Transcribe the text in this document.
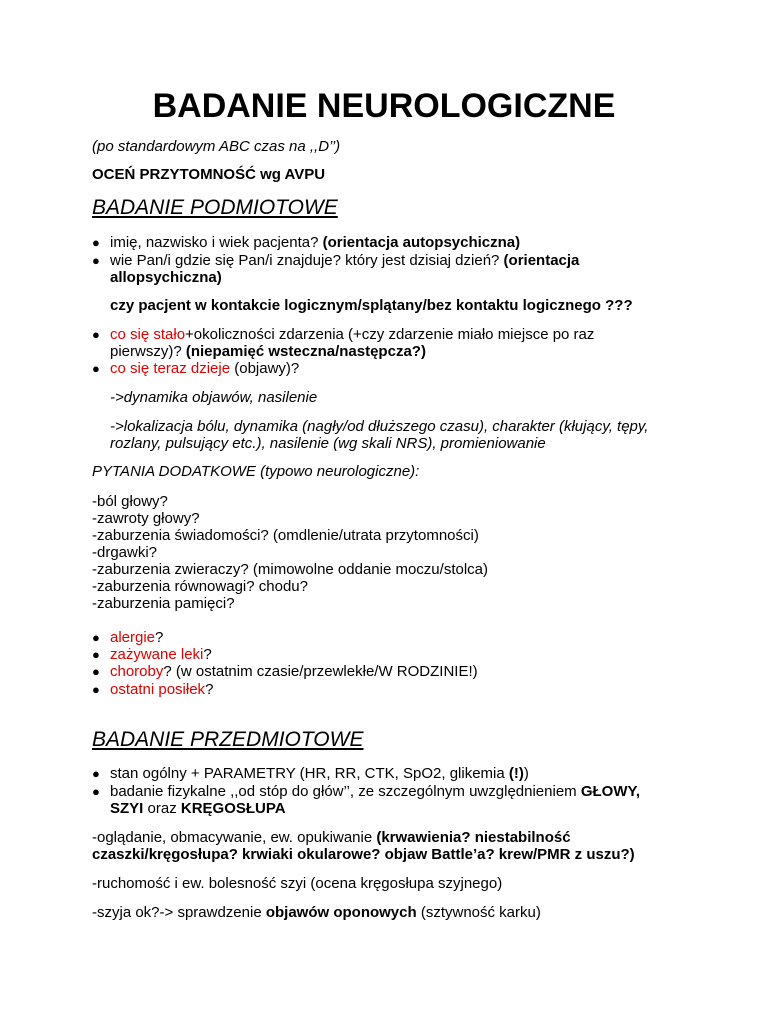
BADANIE NEUROLOGICZNE
(po standardowym ABC czas na ,,D’’)
OCEŃ PRZYTOMNOŚĆ wg AVPU
BADANIE PODMIOTOWE
● imię, nazwisko i wiek pacjenta? (orientacja autopsychiczna)
● wie Pan/i gdzie się Pan/i znajduje? który jest dzisiaj dzień? (orientacja
allopsychiczna)
czy pacjent w kontakcie logicznym/splątany/bez kontaktu logicznego ???
● co się stało+okoliczności zdarzenia (+czy zdarzenie miało miejsce po raz
pierwszy)? (niepamięć wsteczna/następcza?)
● co się teraz dzieje (objawy)?
->dynamika objawów, nasilenie
->lokalizacja bólu, dynamika (nagły/od dłuższego czasu), charakter (kłujący, tępy,
rozlany, pulsujący etc.), nasilenie (wg skali NRS), promieniowanie
PYTANIA DODATKOWE (typowo neurologiczne):
-ból głowy?
-zawroty głowy?
-zaburzenia świadomości? (omdlenie/utrata przytomności)
-drgawki?
-zaburzenia zwieraczy? (mimowolne oddanie moczu/stolca)
-zaburzenia równowagi? chodu?
-zaburzenia pamięci?
● alergie?
● zażywane leki?
● choroby? (w ostatnim czasie/przewlekłe/W RODZINIE!)
● ostatni posiłek?
BADANIE PRZEDMIOTOWE
● stan ogólny + PARAMETRY (HR, RR, CTK, SpO2, glikemia (!))
● badanie fizykalne ,,od stóp do głów’’, ze szczególnym uwzględnieniem GŁOWY,
SZYI oraz KRĘGOSŁUPA
-oglądanie, obmacywanie, ew. opukiwanie (krwawienia? niestabilność
czaszki/kręgosłupa? krwiaki okularowe? objaw Battle’a? krew/PMR z uszu?)
-ruchomość i ew. bolesność szyi (ocena kręgosłupa szyjnego)
-szyja ok?-> sprawdzenie objawów oponowych (sztywność karku)
